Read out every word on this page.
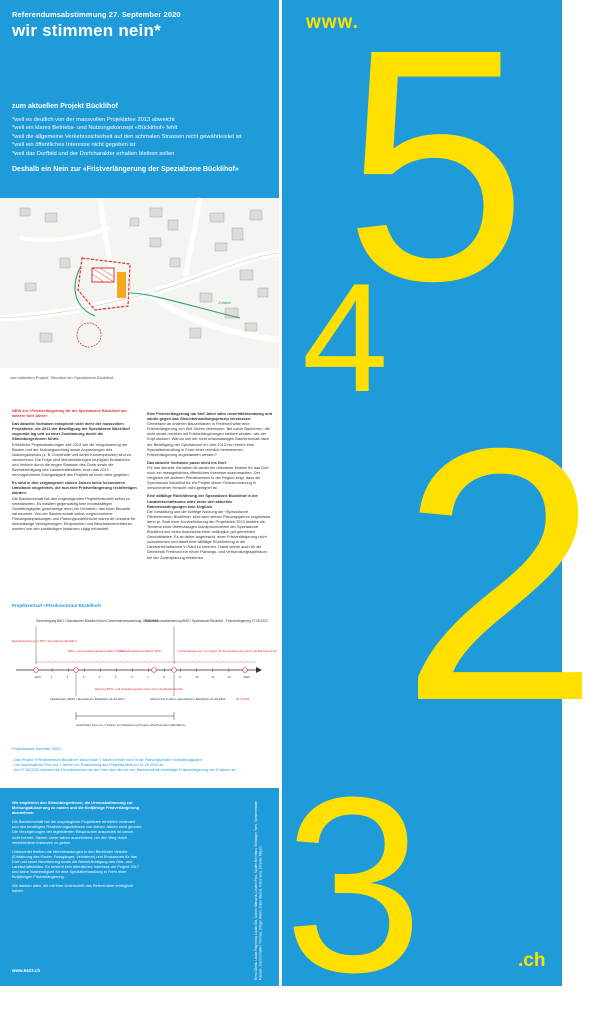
Referendumsabstimmung 27. September 2020
wir stimmen nein*
zum aktuellen Projekt Bücklihof
*weil es deutlich von der massvollen Projektidee 2013 abweicht
*weil ein klares Betriebs- und Nutzungskonzept «Bücklihof» fehlt
*weil die allgemeine Verkehrssicherheit auf den schmalen Strassen nicht gewährleistet ist
*weil ein öffentliches Interesse nicht gegeben ist
*weil das Dorfbild und der Dorfcharakter erhalten bleiben sollen
Deshalb ein Nein zur «Fristverlängerung der Spezialzone Bücklihof»
Zufahrt
zum aktuellen Projekt: Situation der Spezialzone Bücklihof
NEIN zur «Fristverlängerung für die Spezialzone Bücklihof um weitere fünf Jahre»
Das aktuelle Vorhaben entspricht nicht mehr der massvollen Projektidee, die 2013 der Bewilligung der Spezialzone Bücklihof zugrunde lag und zu einer Zustimmung durch die Stimmbürgerinnen führte.
Erhebliche Projektänderungen seit 2013 wie die Vergrösserung der Bauten und der Nutzungsumfang sowie Anpassungen des Nutzungszwecks (z. B. Eventhalle und deren Konsequenzen) sind zu verzeichnen. Die Folge sind Mehrbelastungen bezüglich Emissionen und Verkehr durch die engen Strassen des Dorfs sowie die Beeinträchtigung des Landschaftsbildes. Auch das 2013 hervorgehobene Einzigartigkeit des Projekts ist nicht mehr gegeben.
Es sind in den vergangenen sieben Jahren keine besonderen Umstände eingetreten, die nun eine Fristverlängerung rechtfertigen würden.
Die Bauherrschaft hat den ungenügenden Projektfortschritt selbst zu verantworten. Es existiert gegenwärtig kein rechtskräftiger Gestaltungsplan, geschweige denn ein Vorhaben, das einer Baureife nahekommt. Von der Bauherrschaft selbst vorgenommene Planungsanpassungen und Planungsunterbrüche waren dir Ursache für übermässige Verzögerungen. Einsprachen und Beschwerdeverfahren wurden von den zuständigen Instanzen zügig behandelt.
Eine Fristverlängerung um fünf Jahre wäre unverhältnismässig und würde gegen das Gleichbehandlungsprinzip verstossen.
Gemessen an anderen Bauvorhaben in Freienwil wäre eine Fristverlängerung von fünf Jahren überrissen. Bei solcle Bauherren, die nicht derart reichlich mit Fristverlängerungen bedient wurden, wie der Kopf stossen. Warum soll der nicht ortsansässigen Bauherrschaft nach der Bewilligung der Spezialzone im Jahr 2013 nun erneut eine Spezialbehandlung in Form einer reichlich bemessenen Fristverlängerung zugestanden werden?
Das aktuelle Vorhaben passt nicht ins Dorf.
Für das aktuelle Vorhaben ist weder ein relevanter Nutzen für das Dorf noch ein massgebliches öffentliches Interesse auszumachen. Der Vergleich mit anderen Pferdezentren in der Region zeigt, dass die Spezialzone Bücklihof für ein Projekt dieser Grössenordnung in verschiedener Hinsicht nicht geeignet ist.
Eine allfällige Rückführung der Spezialzone Bücklihof in die Landwirtschaftszone wäre unter den aktuellen Rahmenbedingungen kein Unglück.
Die Gestaltung und die künftige Nutzung der «Spezialzone Pferdezentrum Bücklihof» sind nach sieben Planungsjahren ungewisser denn je. Statt einer Konkretisierung der Projektidee 2013 besteht die Tendenz einer übermässigen Inanspruchnahme der Spezialzone Bücklihof und eines Ausreizens einer anfänglich gut gemeinten Geschäftsidee. Es ist daher angebracht, einer Fristverlängerung nicht zuzustimmen und damit eine allfällige Rückführung in die Landwirtschaftszone in Kauf zu nehmen. Damit würde auch für die Gemeinde Freienwil ein neuer Planungs- und Verhandlungsspielraum bei der Zonenplanung entstehen.
Projektverlauf «Pferdezentrum Bücklihof»
2013	1	2	3	4	5	6	7	8	9	10	11	12	2025
Genehmigung BNO / Spezialzone Bücklihof durch Gemeindeversammlung 15.06.2013
Referendumsabstimmung BNO / Spezialzone Bücklihof - Fristverlängerung 27.09.2020
Erstellungsfrist gem. BNO Spezialzone Bücklihof
BNO- und Gestaltungsplanverfahren BNO
Gestaltungsplanverfahren BNO	Fristverlängerung um 5 Jahre für die Realisierung durch die Bauherrschaft
Inkrafttreten «BNO / Spezialzone Bücklihof» 01.09.2013
Planung BNO- und Gestaltungsplan ohne durch die Bauherrschaft
Ablauf Frist 5 Jahre «Spezialzone Bücklihof» 01.09.2020	20.9.2025
Gewichtete Frist von 7 Jahren zur Realisierung Projekt «Pferdezentrum Bücklihof»
Projektstand Sommer 2020:
- Das Projekt «Pferdezentrum Bücklihof» steckt nach 7 Jahren immer noch in der Planungsphase «Gestaltungsplan».
- Die ursprüngliche Frist von 7 Jahren zur Realisierung des Projektes läuft am 01.09.2020 ab.
- Am 27.09.2020 stimmen die Einwohnerinnen an der Urne über die von der Bauherrschaft beantragte Fristverlängerung von 5 Jahren ab.

Wir empfehlen den Stimmbürgerinnen, die Urnenabstimmung zur Meinungsäusserung zu nutzen und die fünfjährige Fristverlängerung abzulehnen.

Die Bauherrschaft hat die ursprüngliche Projektidee erheblich verändert und den bewilligten Realisierungszeitraum von sieben Jahren nicht genutzt. Die Verzögerungen der tagfristierten Einsprachen ansonsten ist darum nicht korrekt. Sieben Jahre wären ausreichend, um den Weg durch verschiedene Instanzen zu gehen.

Unbeachtet bleiben die Mehrbelastungen in den Bereichen Verkehr (Einfahrung des Kinder, Fussgänger, Velofahrer) und Emissionen für das Dorf und seine Bevölkerung sowie die Beeinträchtigung des Orts- und Landschaftsbildes. Es besteht kein öffentliches Interesse am Projekt 2017 und keine Notwendigkeit für eine Spezialbehandlung in Form einer fünfjährigen Fristverlängerung.

Wir danken allen, die mit ihrer Unterschrift das Referendum ermöglicht haben.

www.5423.ch	Ernst Gloria, Laube Raymond, Laube Edi, Locher Manuela, Leutert Pius, Spuller Reinhard, Schwager Yves, Sommerhalder Pascale, Sommerhalder Thomas, Stieger Albert, Sutter Marcel, Vieira Vera, Zehnder Mirjam
www.
5
4
2
3	.ch
